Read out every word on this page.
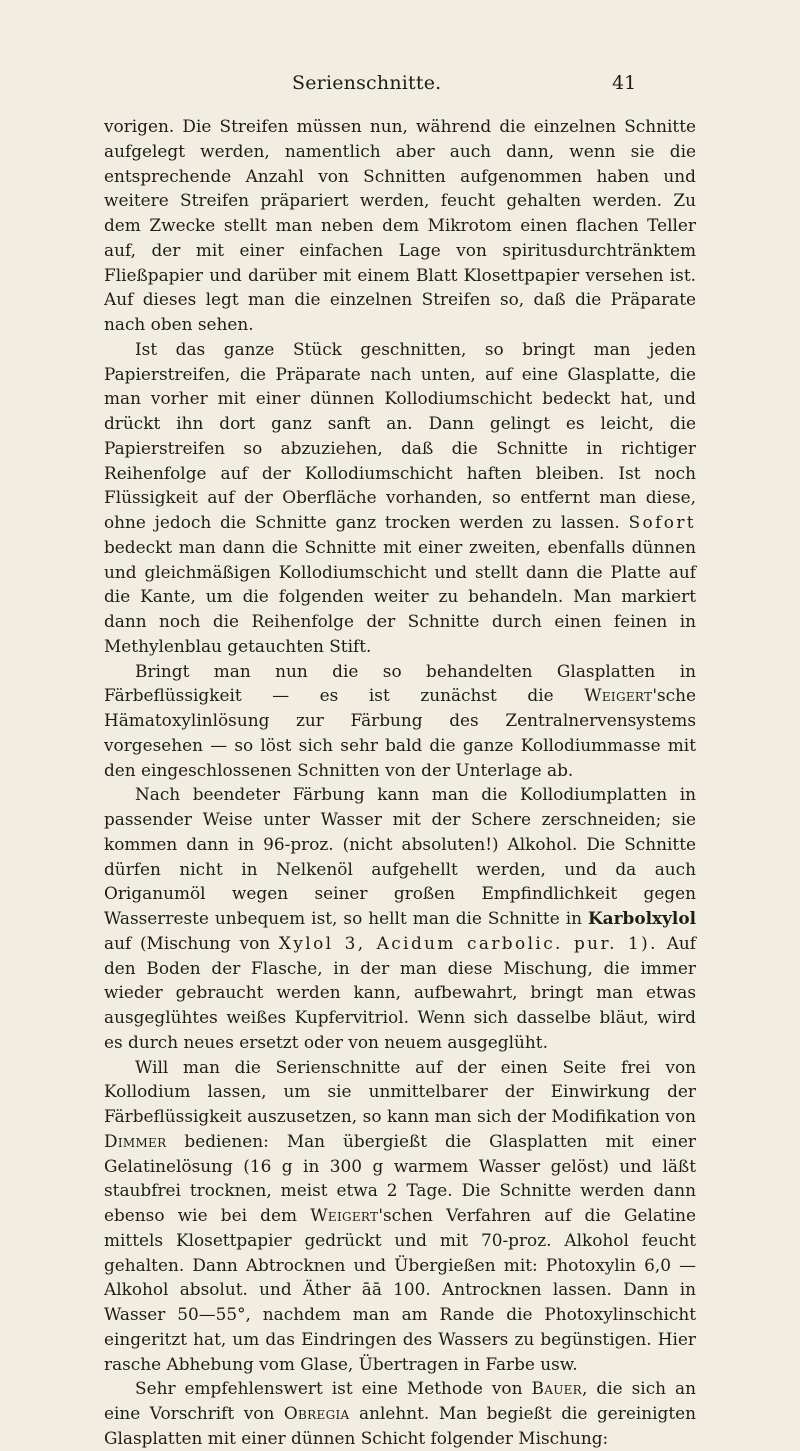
Serienschnitte.	41

vorigen. Die Streifen müssen nun, während die einzelnen Schnitte aufgelegt werden, namentlich aber auch dann, wenn sie die entsprechende Anzahl von Schnitten aufgenommen haben und weitere Streifen präpariert werden, feucht gehalten werden. Zu dem Zwecke stellt man neben dem Mikrotom einen flachen Teller auf, der mit einer einfachen Lage von spiritusdurchtränktem Fließpapier und darüber mit einem Blatt Klosettpapier versehen ist. Auf dieses legt man die einzelnen Streifen so, daß die Präparate nach oben sehen.

Ist das ganze Stück geschnitten, so bringt man jeden Papierstreifen, die Präparate nach unten, auf eine Glasplatte, die man vorher mit einer dünnen Kollodiumschicht bedeckt hat, und drückt ihn dort ganz sanft an. Dann gelingt es leicht, die Papierstreifen so abzuziehen, daß die Schnitte in richtiger Reihenfolge auf der Kollodiumschicht haften bleiben. Ist noch Flüssigkeit auf der Oberfläche vorhanden, so entfernt man diese, ohne jedoch die Schnitte ganz trocken werden zu lassen. Sofort bedeckt man dann die Schnitte mit einer zweiten, ebenfalls dünnen und gleichmäßigen Kollodiumschicht und stellt dann die Platte auf die Kante, um die folgenden weiter zu behandeln. Man markiert dann noch die Reihenfolge der Schnitte durch einen feinen in Methylenblau getauchten Stift.

Bringt man nun die so behandelten Glasplatten in Färbeflüssigkeit — es ist zunächst die Weigert'sche Hämatoxylinlösung zur Färbung des Zentralnervensystems vorgesehen — so löst sich sehr bald die ganze Kollodiummasse mit den eingeschlossenen Schnitten von der Unterlage ab.

Nach beendeter Färbung kann man die Kollodiumplatten in passender Weise unter Wasser mit der Schere zerschneiden; sie kommen dann in 96-proz. (nicht absoluten!) Alkohol. Die Schnitte dürfen nicht in Nelkenöl aufgehellt werden, und da auch Origanumöl wegen seiner großen Empfindlichkeit gegen Wasserreste unbequem ist, so hellt man die Schnitte in Karbolxylol auf (Mischung von Xylol 3, Acidum carbolic. pur. 1). Auf den Boden der Flasche, in der man diese Mischung, die immer wieder gebraucht werden kann, aufbewahrt, bringt man etwas ausgeglühtes weißes Kupfervitriol. Wenn sich dasselbe bläut, wird es durch neues ersetzt oder von neuem ausgeglüht.

Will man die Serienschnitte auf der einen Seite frei von Kollodium lassen, um sie unmittelbarer der Einwirkung der Färbeflüssigkeit auszusetzen, so kann man sich der Modifikation von Dimmer bedienen: Man übergießt die Glasplatten mit einer Gelatinelösung (16 g in 300 g warmem Wasser gelöst) und läßt staubfrei trocknen, meist etwa 2 Tage. Die Schnitte werden dann ebenso wie bei dem Weigert'schen Verfahren auf die Gelatine mittels Klosettpapier gedrückt und mit 70-proz. Alkohol feucht gehalten. Dann Abtrocknen und Übergießen mit: Photoxylin 6,0 — Alkohol absolut. und Äther āā 100. Antrocknen lassen. Dann in Wasser 50—55°, nachdem man am Rande die Photoxylinschicht eingeritzt hat, um das Eindringen des Wassers zu begünstigen. Hier rasche Abhebung vom Glase, Übertragen in Farbe usw.

Sehr empfehlenswert ist eine Methode von Bauer, die sich an eine Vorschrift von Obregia anlehnt. Man begießt die gereinigten Glasplatten mit einer dünnen Schicht folgender Mischung:
